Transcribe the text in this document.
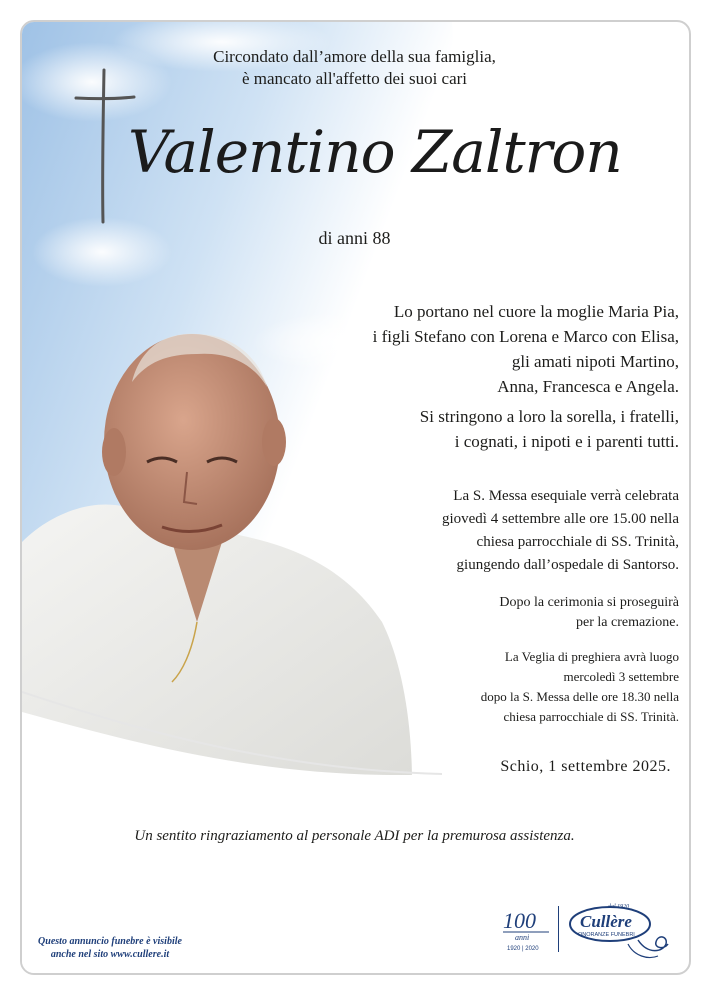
Circondato dall’amore della sua famiglia,
è mancato all'affetto dei suoi cari
Valentino Zaltron
di anni 88
Lo portano nel cuore la moglie Maria Pia,
i figli Stefano con Lorena e Marco con Elisa,
gli amati nipoti Martino,
Anna, Francesca e Angela.
Si stringono a loro la sorella, i fratelli,
i cognati, i nipoti e i parenti tutti.
La S. Messa esequiale verrà celebrata
giovedì 4 settembre alle ore 15.00 nella
chiesa parrocchiale di SS. Trinità,
giungendo dall’ospedale di Santorso.
Dopo la cerimonia si proseguirà
per la cremazione.
La Veglia di preghiera avrà luogo
mercoledì 3 settembre
dopo la S. Messa delle ore 18.30 nella
chiesa parrocchiale di SS. Trinità.
Schio, 1 settembre 2025.
Un sentito ringraziamento al personale ADI per la premurosa assistenza.
Questo annuncio funebre è visibile
anche nel sito www.cullere.it
100
anni
1920 | 2020
dal 1920
Cullère
ONORANZE FUNEBRI
